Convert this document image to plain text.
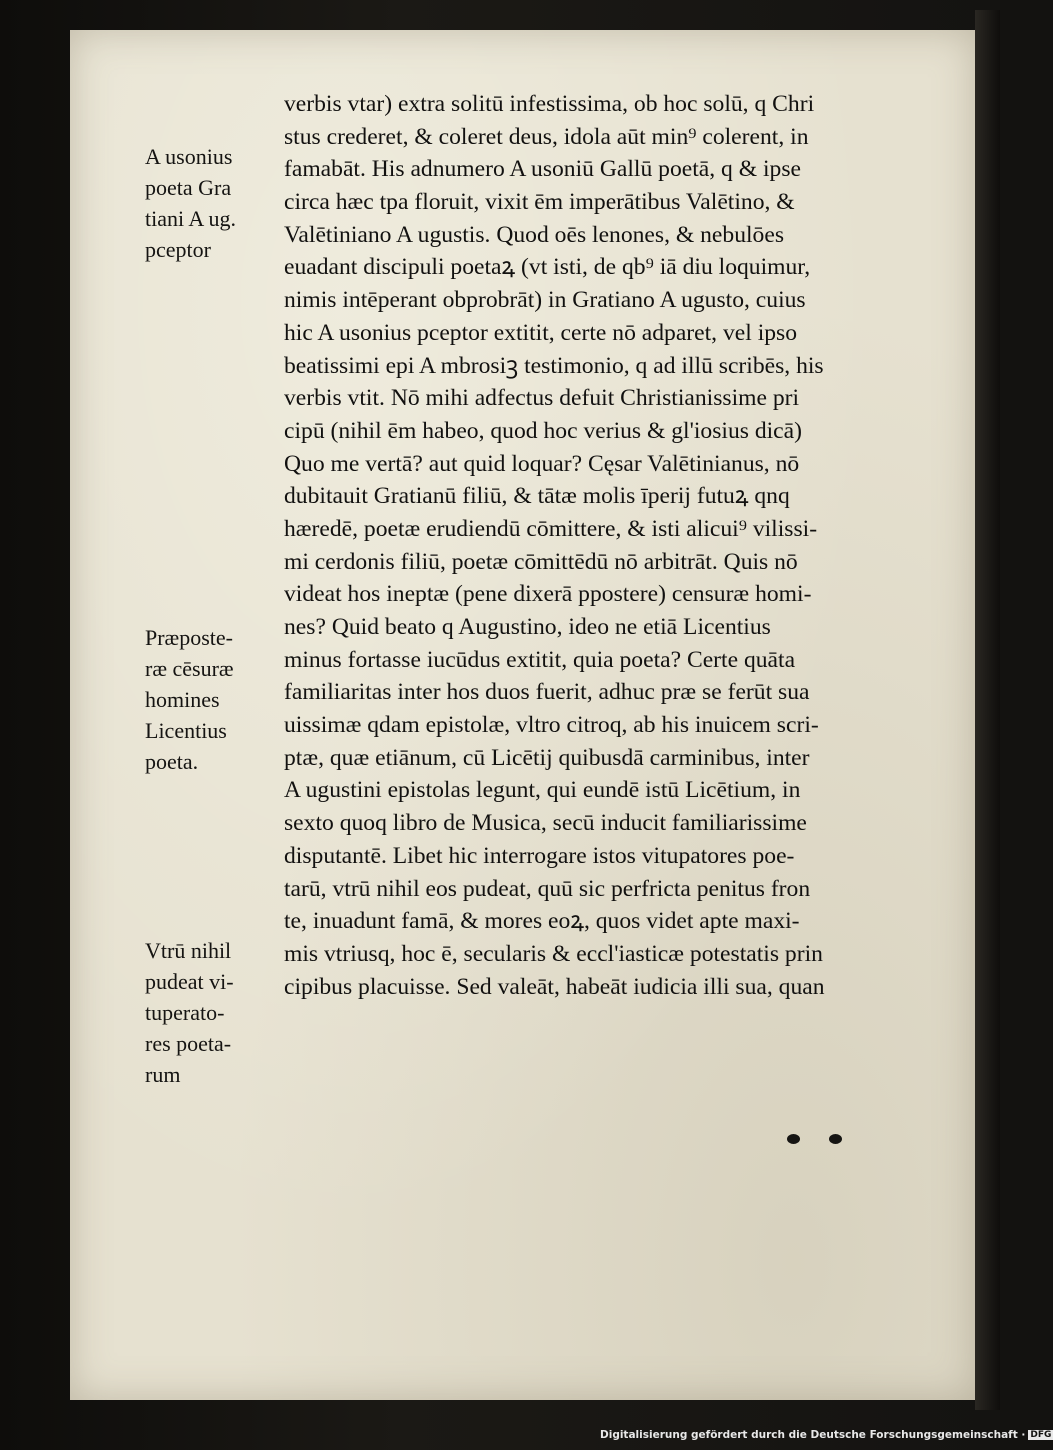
A usonius
poeta Gra
tiani A ug.
pceptor
Præposte-
ræ cēsuræ
homines
Licentius
poeta.
Vtrū nihil
pudeat vi-
tuperato-
res poeta-
rum
verbis vtar) extra solitū infestissima, ob hoc solū, q Chri
stus crederet, & coleret deus, idola aūt min⁹ colerent, in
famabāt. His adnumero A usoniū Gallū poetā, q & ipse
circa hæc tpa floruit, vixit ēm imperātibus Valētino, &
Valētiniano A ugustis. Quod oēs lenones, & nebulōes
euadant discipuli poetaꝝ (vt isti, de qb⁹ iā diu loquimur,
nimis intēperant obprobrāt) in Gratiano A ugusto, cuius
hic A usonius pceptor extitit, certe nō adparet, vel ipso
beatissimi epi A mbrosiꝫ testimonio, q ad illū scribēs, his
verbis vtit. Nō mihi adfectus defuit Christianissime pri
cipū (nihil ēm habeo, quod hoc verius & gl'iosius dicā)
Quo me vertā? aut quid loquar? Cęsar Valētinianus, nō
dubitauit Gratianū filiū, & tātæ molis īperij futuꝝ qnq
hæredē, poetæ erudiendū cōmittere, & isti alicui⁹ vilissi-
mi cerdonis filiū, poetæ cōmittēdū nō arbitrāt. Quis nō
videat hos ineptæ (pene dixerā ppostere) censuræ homi-
nes? Quid beato q Augustino, ideo ne etiā Licentius
minus fortasse iucūdus extitit, quia poeta? Certe quāta
familiaritas inter hos duos fuerit, adhuc præ se ferūt sua
uissimæ qdam epistolæ, vltro citroq, ab his inuicem scri-
ptæ, quæ etiānum, cū Licētij quibusdā carminibus, inter
A ugustini epistolas legunt, qui eundē istū Licētium, in
sexto quoq libro de Musica, secū inducit familiarissime
disputantē. Libet hic interrogare istos vitupatores poe-
tarū, vtrū nihil eos pudeat, quū sic perfricta penitus fron
te, inuadunt famā, & mores eoꝝ, quos videt apte maxi-
mis vtriusq, hoc ē, secularis & eccl'iasticæ potestatis prin
cipibus placuisse. Sed valeāt, habeāt iudicia illi sua, quan
Digitalisierung gefördert durch die Deutsche Forschungsgemeinschaft · DFG
